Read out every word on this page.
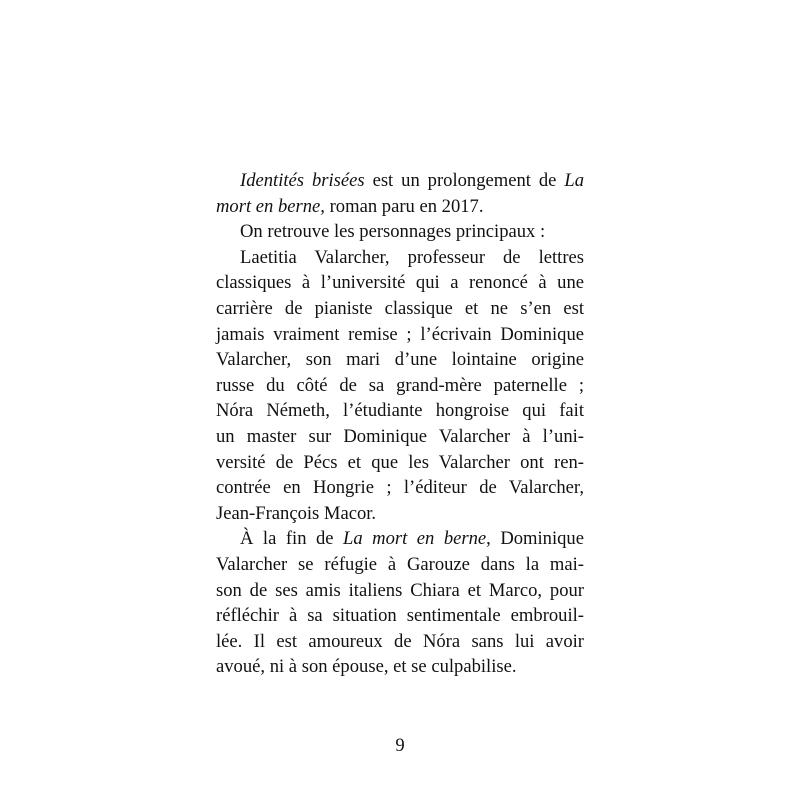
Identités brisées est un prolongement de La
mort en berne, roman paru en 2017.
On retrouve les personnages principaux :
Laetitia Valarcher, professeur de lettres
classiques à l’université qui a renoncé à une
carrière de pianiste classique et ne s’en est
jamais vraiment remise ; l’écrivain Dominique
Valarcher, son mari d’une lointaine origine
russe du côté de sa grand-mère paternelle ;
Nóra Németh, l’étudiante hongroise qui fait
un master sur Dominique Valarcher à l’uni-
versité de Pécs et que les Valarcher ont ren-
contrée en Hongrie ; l’éditeur de Valarcher,
Jean-François Macor.
À la fin de La mort en berne, Dominique
Valarcher se réfugie à Garouze dans la mai-
son de ses amis italiens Chiara et Marco, pour
réfléchir à sa situation sentimentale embrouil-
lée. Il est amoureux de Nóra sans lui avoir
avoué, ni à son épouse, et se culpabilise.
9
